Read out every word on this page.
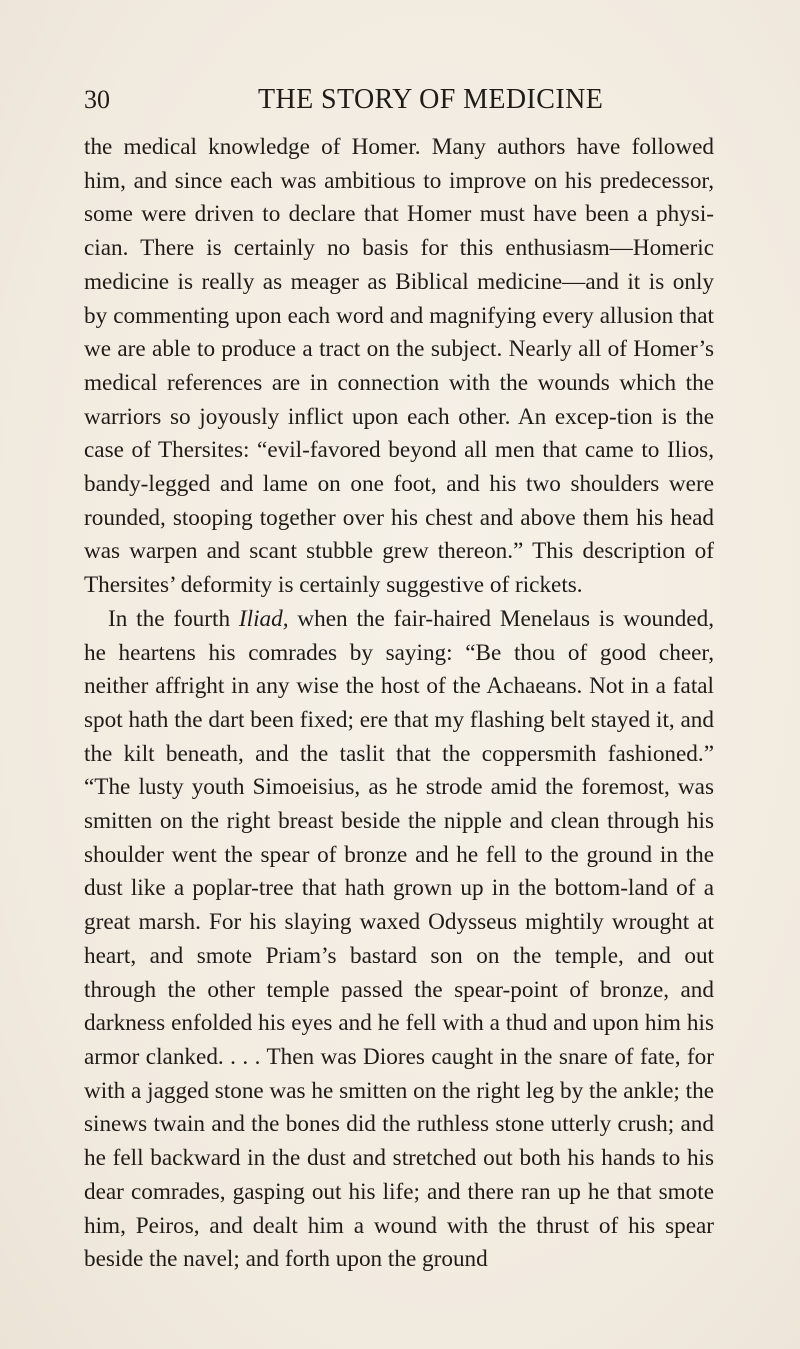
30	THE STORY OF MEDICINE

the medical knowledge of Homer. Many authors have followed him, and since each was ambitious to improve on his predecessor, some were driven to declare that Homer must have been a physi-cian. There is certainly no basis for this enthusiasm—Homeric medicine is really as meager as Biblical medicine—and it is only by commenting upon each word and magnifying every allusion that we are able to produce a tract on the subject. Nearly all of Homer’s medical references are in connection with the wounds which the warriors so joyously inflict upon each other. An excep-tion is the case of Thersites: “evil-favored beyond all men that came to Ilios, bandy-legged and lame on one foot, and his two shoulders were rounded, stooping together over his chest and above them his head was warpen and scant stubble grew thereon.” This description of Thersites’ deformity is certainly suggestive of rickets.

In the fourth Iliad, when the fair-haired Menelaus is wounded, he heartens his comrades by saying: “Be thou of good cheer, neither affright in any wise the host of the Achaeans. Not in a fatal spot hath the dart been fixed; ere that my flashing belt stayed it, and the kilt beneath, and the taslit that the coppersmith fashioned.” “The lusty youth Simoeisius, as he strode amid the foremost, was smitten on the right breast beside the nipple and clean through his shoulder went the spear of bronze and he fell to the ground in the dust like a poplar-tree that hath grown up in the bottom-land of a great marsh. For his slaying waxed Odysseus mightily wrought at heart, and smote Priam’s bastard son on the temple, and out through the other temple passed the spear-point of bronze, and darkness enfolded his eyes and he fell with a thud and upon him his armor clanked. . . . Then was Diores caught in the snare of fate, for with a jagged stone was he smitten on the right leg by the ankle; the sinews twain and the bones did the ruthless stone utterly crush; and he fell backward in the dust and stretched out both his hands to his dear comrades, gasping out his life; and there ran up he that smote him, Peiros, and dealt him a wound with the thrust of his spear beside the navel; and forth upon the ground
